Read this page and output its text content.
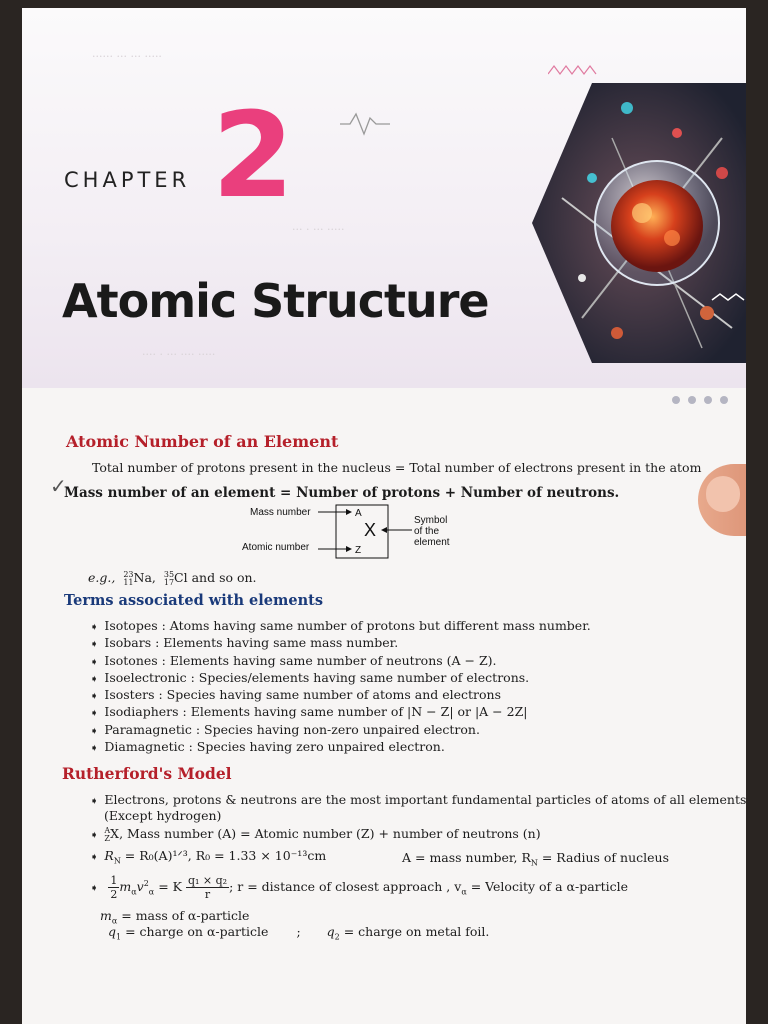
······ ··· ··· ·····
··· · ··· ·····
···· · ··· ···· ·····
CHAPTER 2
Atomic Structure
Atomic Number of an Element

Total number of protons present in the nucleus = Total number of electrons present in the atom

✓

Mass number of an element = Number of protons + Number of neutrons.

Mass number
Atomic number
A
X
Z
Symbol
of the
element
e.g., 23
11 Na, 35
17 Cl and so on.
Terms associated with elements
➧ Isotopes : Atoms having same number of protons but different mass number.
➧ Isobars : Elements having same mass number.
➧ Isotones : Elements having same number of neutrons (A − Z).
➧ Isoelectronic : Species/elements having same number of electrons.
➧ Isosters : Species having same number of atoms and electrons
➧ Isodiaphers : Elements having same number of |N − Z| or |A − 2Z|
➧ Paramagnetic : Species having non-zero unpaired electron.
➧ Diamagnetic : Species having zero unpaired electron.
Rutherford's Model
➧ Electrons, protons & neutrons are the most important fundamental particles of atoms of all elements
(Except hydrogen)
➧ A
Z X, Mass number (A) = Atomic number (Z) + number of neutrons (n)
➧ $R_N$ = R₀(A)¹ᐟ³, R₀ = 1.33 × 10⁻¹³cm	A = mass number, $R_N$ = Radius of nucleus
➧ $\frac{1}{2} m_\alpha v^2_\alpha = K \frac{\text{q₁ × q₂}}{r}$ ; r = distance of closest approach , $v_\alpha$ = Velocity of a α-particle
$m_\alpha$ = mass of α-particle
$q_1$ = charge on α-particle ; $q_2$ = charge on metal foil.
